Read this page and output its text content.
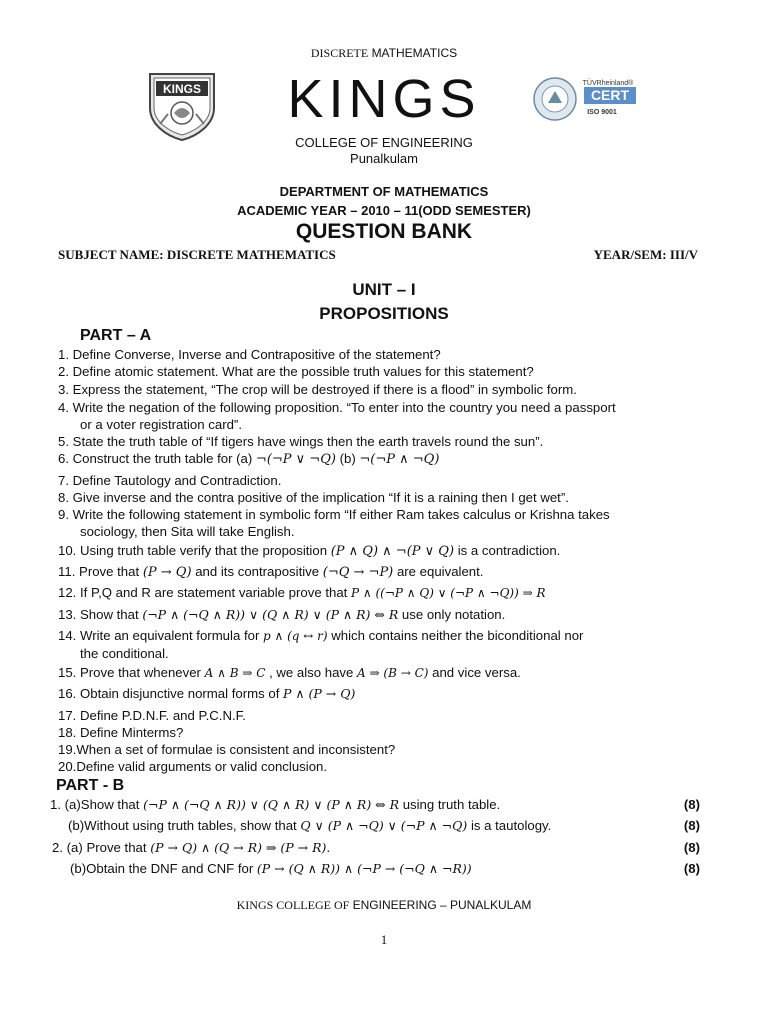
DISCRETE MATHEMATICS
KINGS	KINGS
COLLEGE OF ENGINEERING
Punalkulam
TÜVRheinland®
CERT
ISO 9001
DEPARTMENT OF MATHEMATICS
ACADEMIC YEAR – 2010 – 11(ODD SEMESTER)
QUESTION BANK
SUBJECT NAME: DISCRETE MATHEMATICS	YEAR/SEM: III/V
UNIT – I
PROPOSITIONS
PART – A
1. Define Converse, Inverse and Contrapositive of the statement?
2. Define atomic statement. What are the possible truth values for this statement?
3. Express the statement, “The crop will be destroyed if there is a flood” in symbolic form.
4. Write the negation of the following proposition. “To enter into the country you need a passport
or a voter registration card”.
5. State the truth table of “If tigers have wings then the earth travels round the sun”.
6. Construct the truth table for (a) ¬(¬P ∨ ¬Q) (b) ¬(¬P ∧ ¬Q)
7. Define Tautology and Contradiction.
8. Give inverse and the contra positive of the implication “If it is a raining then I get wet”.
9. Write the following statement in symbolic form “If either Ram takes calculus or Krishna takes
sociology, then Sita will take English.
10. Using truth table verify that the proposition (P ∧ Q) ∧ ¬(P ∨ Q) is a contradiction.
11. Prove that (P → Q) and its contrapositive (¬Q → ¬P) are equivalent.
12. If P,Q and R are statement variable prove that P ∧ ((¬P ∧ Q) ∨ (¬P ∧ ¬Q)) ⇒ R
13. Show that (¬P ∧ (¬Q ∧ R)) ∨ (Q ∧ R) ∨ (P ∧ R) ⇔ R use only notation.
14. Write an equivalent formula for p ∧ (q ↔ r) which contains neither the biconditional nor
the conditional.
15. Prove that whenever A ∧ B ⇒ C , we also have A ⇒ (B → C) and vice versa.
16. Obtain disjunctive normal forms of P ∧ (P → Q)
17. Define P.D.N.F. and P.C.N.F.
18. Define Minterms?
19.When a set of formulae is consistent and inconsistent?
20.Define valid arguments or valid conclusion.
PART - B
1. (a)Show that (¬P ∧ (¬Q ∧ R)) ∨ (Q ∧ R) ∨ (P ∧ R) ⇔ R using truth table.	(8)
(b)Without using truth tables, show that Q ∨ (P ∧ ¬Q) ∨ (¬P ∧ ¬Q) is a tautology.	(8)
2. (a) Prove that (P → Q) ∧ (Q → R) ⇒ (P → R).	(8)
(b)Obtain the DNF and CNF for (P → (Q ∧ R)) ∧ (¬P → (¬Q ∧ ¬R))	(8)
KINGS COLLEGE OF ENGINEERING – PUNALKULAM
1
